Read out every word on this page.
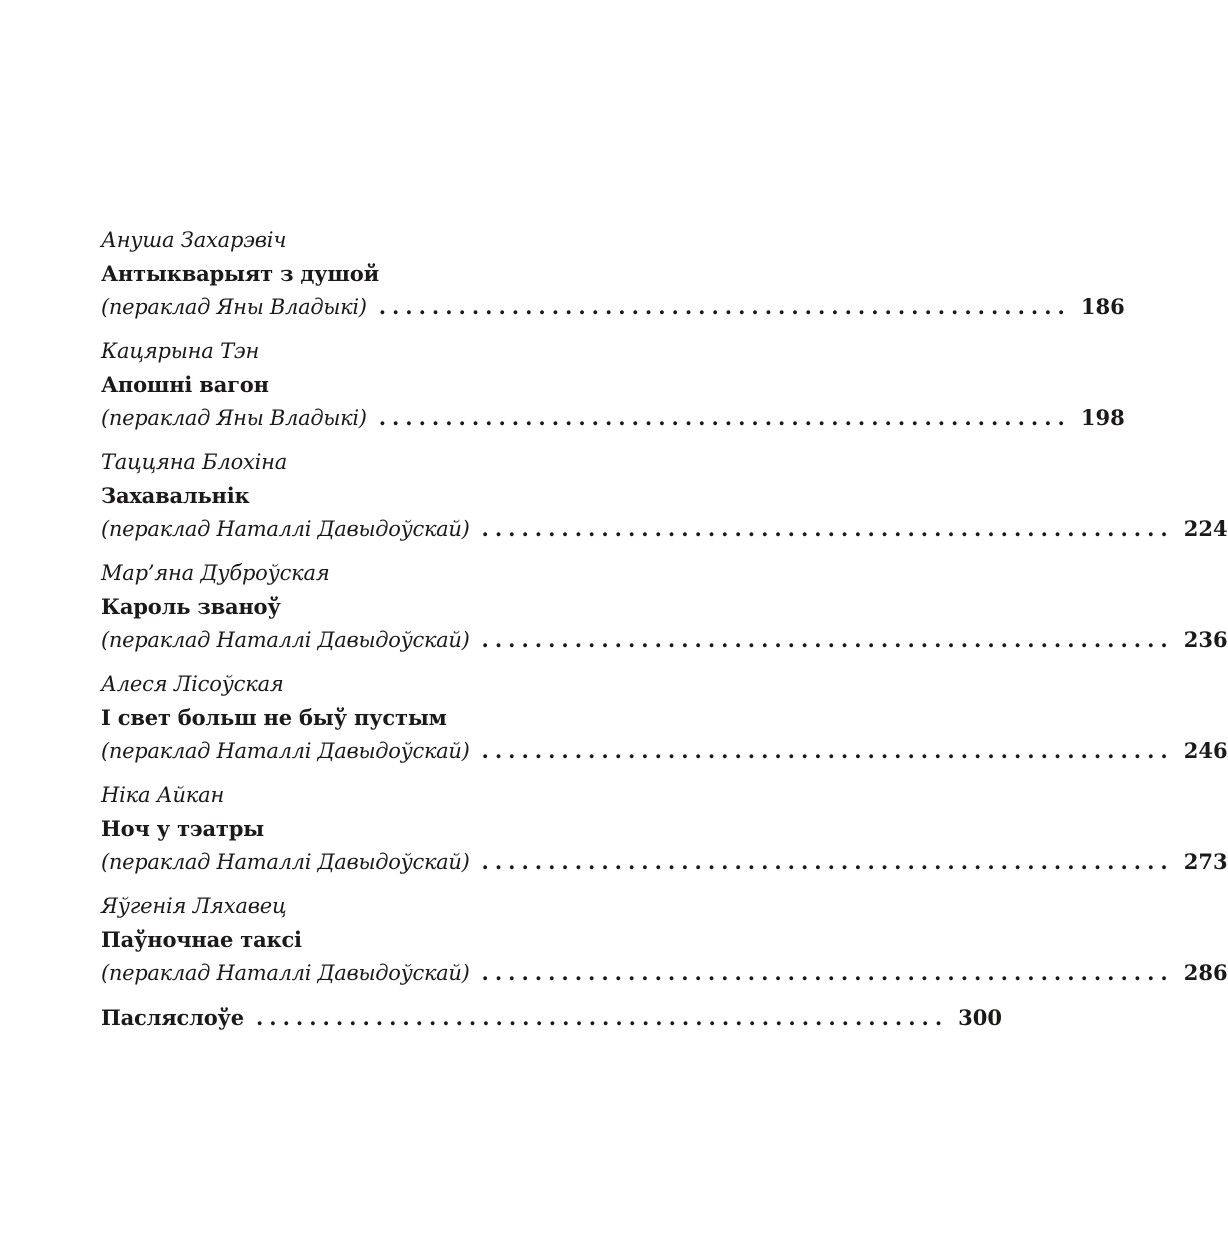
Ануша Захарэвіч
Антыкварыят з душой
(пераклад Яны Владыкі) .................................................... 186
Кацярына Тэн
Апошні вагон
(пераклад Яны Владыкі) .................................................... 198
Таццяна Блохіна
Захавальнік
(пераклад Наталлі Давыдоўскай) .................................................... 224
Мар’яна Дуброўская
Кароль званоў
(пераклад Наталлі Давыдоўскай) .................................................... 236
Алеся Лісоўская
І свет больш не быў пустым
(пераклад Наталлі Давыдоўскай) .................................................... 246
Ніка Айкан
Ноч у тэатры
(пераклад Наталлі Давыдоўскай) .................................................... 273
Яўгенія Ляхавец
Паўночнае таксі
(пераклад Наталлі Давыдоўскай) .................................................... 286
Пасляслоўе .................................................... 300
